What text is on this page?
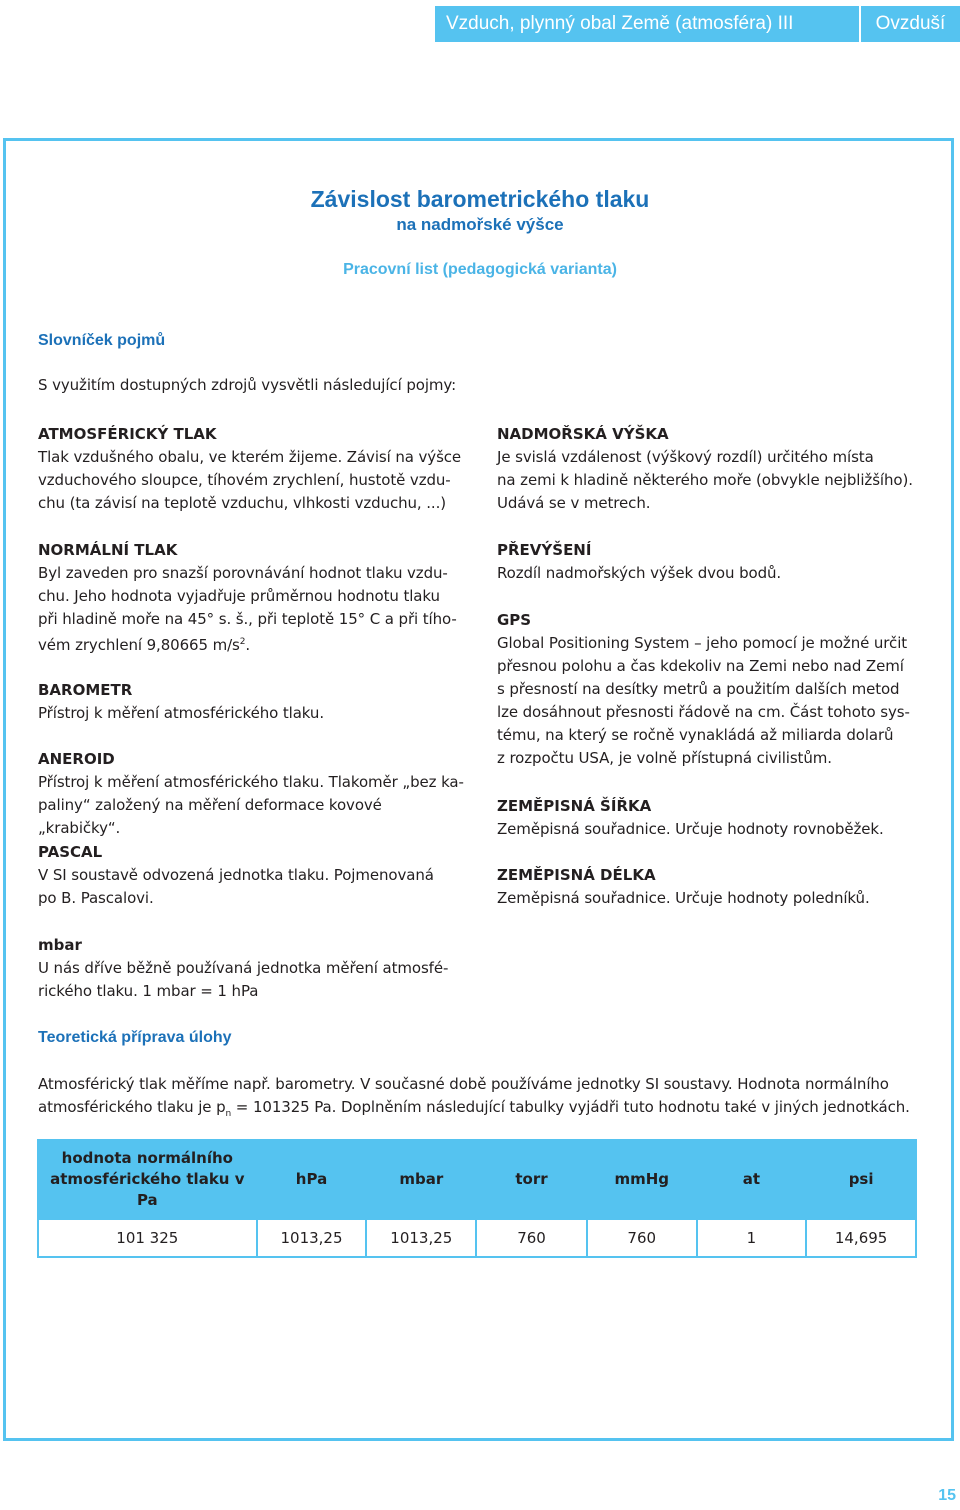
Vzduch, plynný obal Země (atmosféra) III	Ovzduší
Závislost barometrického tlaku
na nadmořské výšce
Pracovní list (pedagogická varianta)
Slovníček pojmů
S využitím dostupných zdrojů vysvětli následující pojmy:
ATMOSFÉRICKÝ TLAK
Tlak vzdušného obalu, ve kterém žijeme. Závisí na výšce
vzduchového sloupce, tíhovém zrychlení, hustotě vzdu-
chu (ta závisí na teplotě vzduchu, vlhkosti vzduchu, ...)
NORMÁLNÍ TLAK
Byl zaveden pro snazší porovnávání hodnot tlaku vzdu-
chu. Jeho hodnota vyjadřuje průměrnou hodnotu tlaku
při hladině moře na 45° s. š., při teplotě 15° C a při tího-
vém zrychlení 9,80665 $m/s^2$.
BAROMETR
Přístroj k měření atmosférického tlaku.
ANEROID
Přístroj k měření atmosférického tlaku. Tlakoměr „bez ka-
paliny“ založený na měření deformace kovové „krabičky“.
PASCAL
V SI soustavě odvozená jednotka tlaku. Pojmenovaná
po B. Pascalovi.
mbar
U nás dříve běžně používaná jednotka měření atmosfé-
rického tlaku. 1 mbar = 1 hPa
NADMOŘSKÁ VÝŠKA
Je svislá vzdálenost (výškový rozdíl) určitého místa
na zemi k hladině některého moře (obvykle nejbližšího).
Udává se v metrech.
PŘEVÝŠENÍ
Rozdíl nadmořských výšek dvou bodů.
GPS
Global Positioning System – jeho pomocí je možné určit
přesnou polohu a čas kdekoliv na Zemi nebo nad Zemí
s přesností na desítky metrů a použitím dalších metod
lze dosáhnout přesnosti řádově na cm. Část tohoto sys-
tému, na který se ročně vynakládá až miliarda dolarů
z rozpočtu USA, je volně přístupná civilistům.
ZEMĚPISNÁ ŠÍŘKA
Zeměpisná souřadnice. Určuje hodnoty rovnoběžek.
ZEMĚPISNÁ DÉLKA
Zeměpisná souřadnice. Určuje hodnoty poledníků.
Teoretická příprava úlohy
Atmosférický tlak měříme např. barometry. V současné době používáme jednotky SI soustavy. Hodnota normálního
atmosférického tlaku je $p_n = 101325$ Pa. Doplněním následující tabulky vyjádři tuto hodnotu také v jiných jednotkách.
hodnota normálního atmosférického tlaku v Pa	hPa	mbar	torr	mmHg	at	psi
101 325	1013,25	1013,25	760	760	1	14,695
15
